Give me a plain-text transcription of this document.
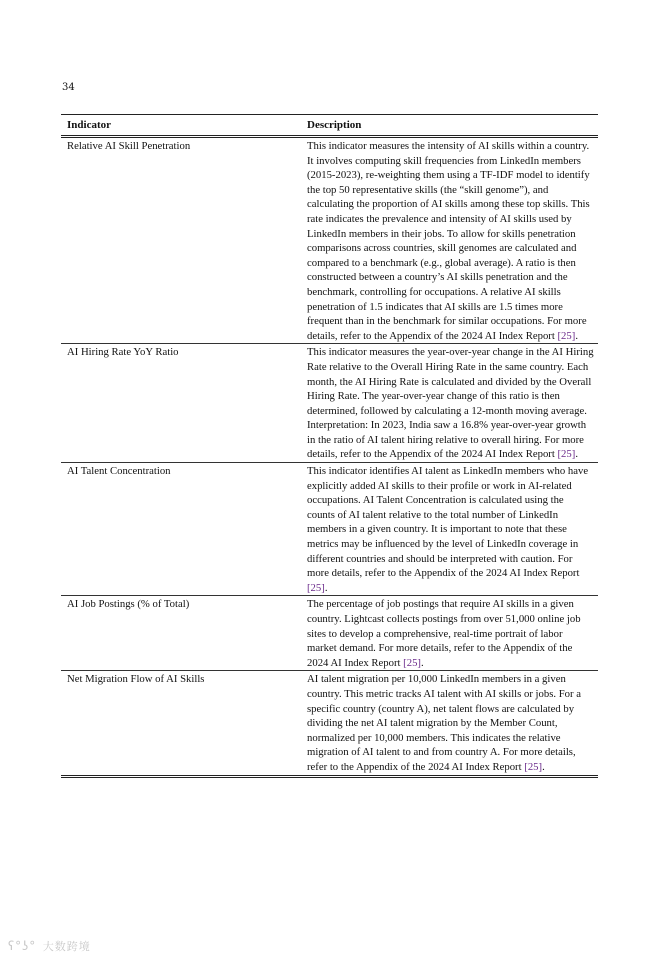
34
Indicator	Description
Relative AI Skill Penetration	This indicator measures the intensity of AI skills within a country. It involves computing skill frequencies from LinkedIn members (2015-2023), re-weighting them using a TF-IDF model to identify the top 50 representative skills (the “skill genome”), and calculating the proportion of AI skills among these top skills. This rate indicates the prevalence and intensity of AI skills used by LinkedIn members in their jobs. To allow for skills penetration comparisons across countries, skill genomes are calculated and compared to a benchmark (e.g., global average). A ratio is then constructed between a country’s AI skills penetration and the benchmark, controlling for occupations. A relative AI skills penetration of 1.5 indicates that AI skills are 1.5 times more frequent than in the benchmark for similar occupations. For more details, refer to the Appendix of the 2024 AI Index Report [25].
AI Hiring Rate YoY Ratio	This indicator measures the year-over-year change in the AI Hiring Rate relative to the Overall Hiring Rate in the same country. Each month, the AI Hiring Rate is calculated and divided by the Overall Hiring Rate. The year-over-year change of this ratio is then determined, followed by calculating a 12-month moving average. Interpretation: In 2023, India saw a 16.8% year-over-year growth in the ratio of AI talent hiring relative to overall hiring. For more details, refer to the Appendix of the 2024 AI Index Report [25].
AI Talent Concentration	This indicator identifies AI talent as LinkedIn members who have explicitly added AI skills to their profile or work in AI-related occupations. AI Talent Concentration is calculated using the counts of AI talent relative to the total number of LinkedIn members in a given country. It is important to note that these metrics may be influenced by the level of LinkedIn coverage in different countries and should be interpreted with caution. For more details, refer to the Appendix of the 2024 AI Index Report [25].
AI Job Postings (% of Total)	The percentage of job postings that require AI skills in a given country. Lightcast collects postings from over 51,000 online job sites to develop a comprehensive, real-time portrait of labor market demand. For more details, refer to the Appendix of the 2024 AI Index Report [25].
Net Migration Flow of AI Skills	AI talent migration per 10,000 LinkedIn members in a given country. This metric tracks AI talent with AI skills or jobs. For a specific country (country A), net talent flows are calculated by dividing the net AI talent migration by the Member Count, normalized per 10,000 members. This indicates the relative migration of AI talent to and from country A. For more details, refer to the Appendix of the 2024 AI Index Report [25].
ʕ°ʖ° 大数跨境
